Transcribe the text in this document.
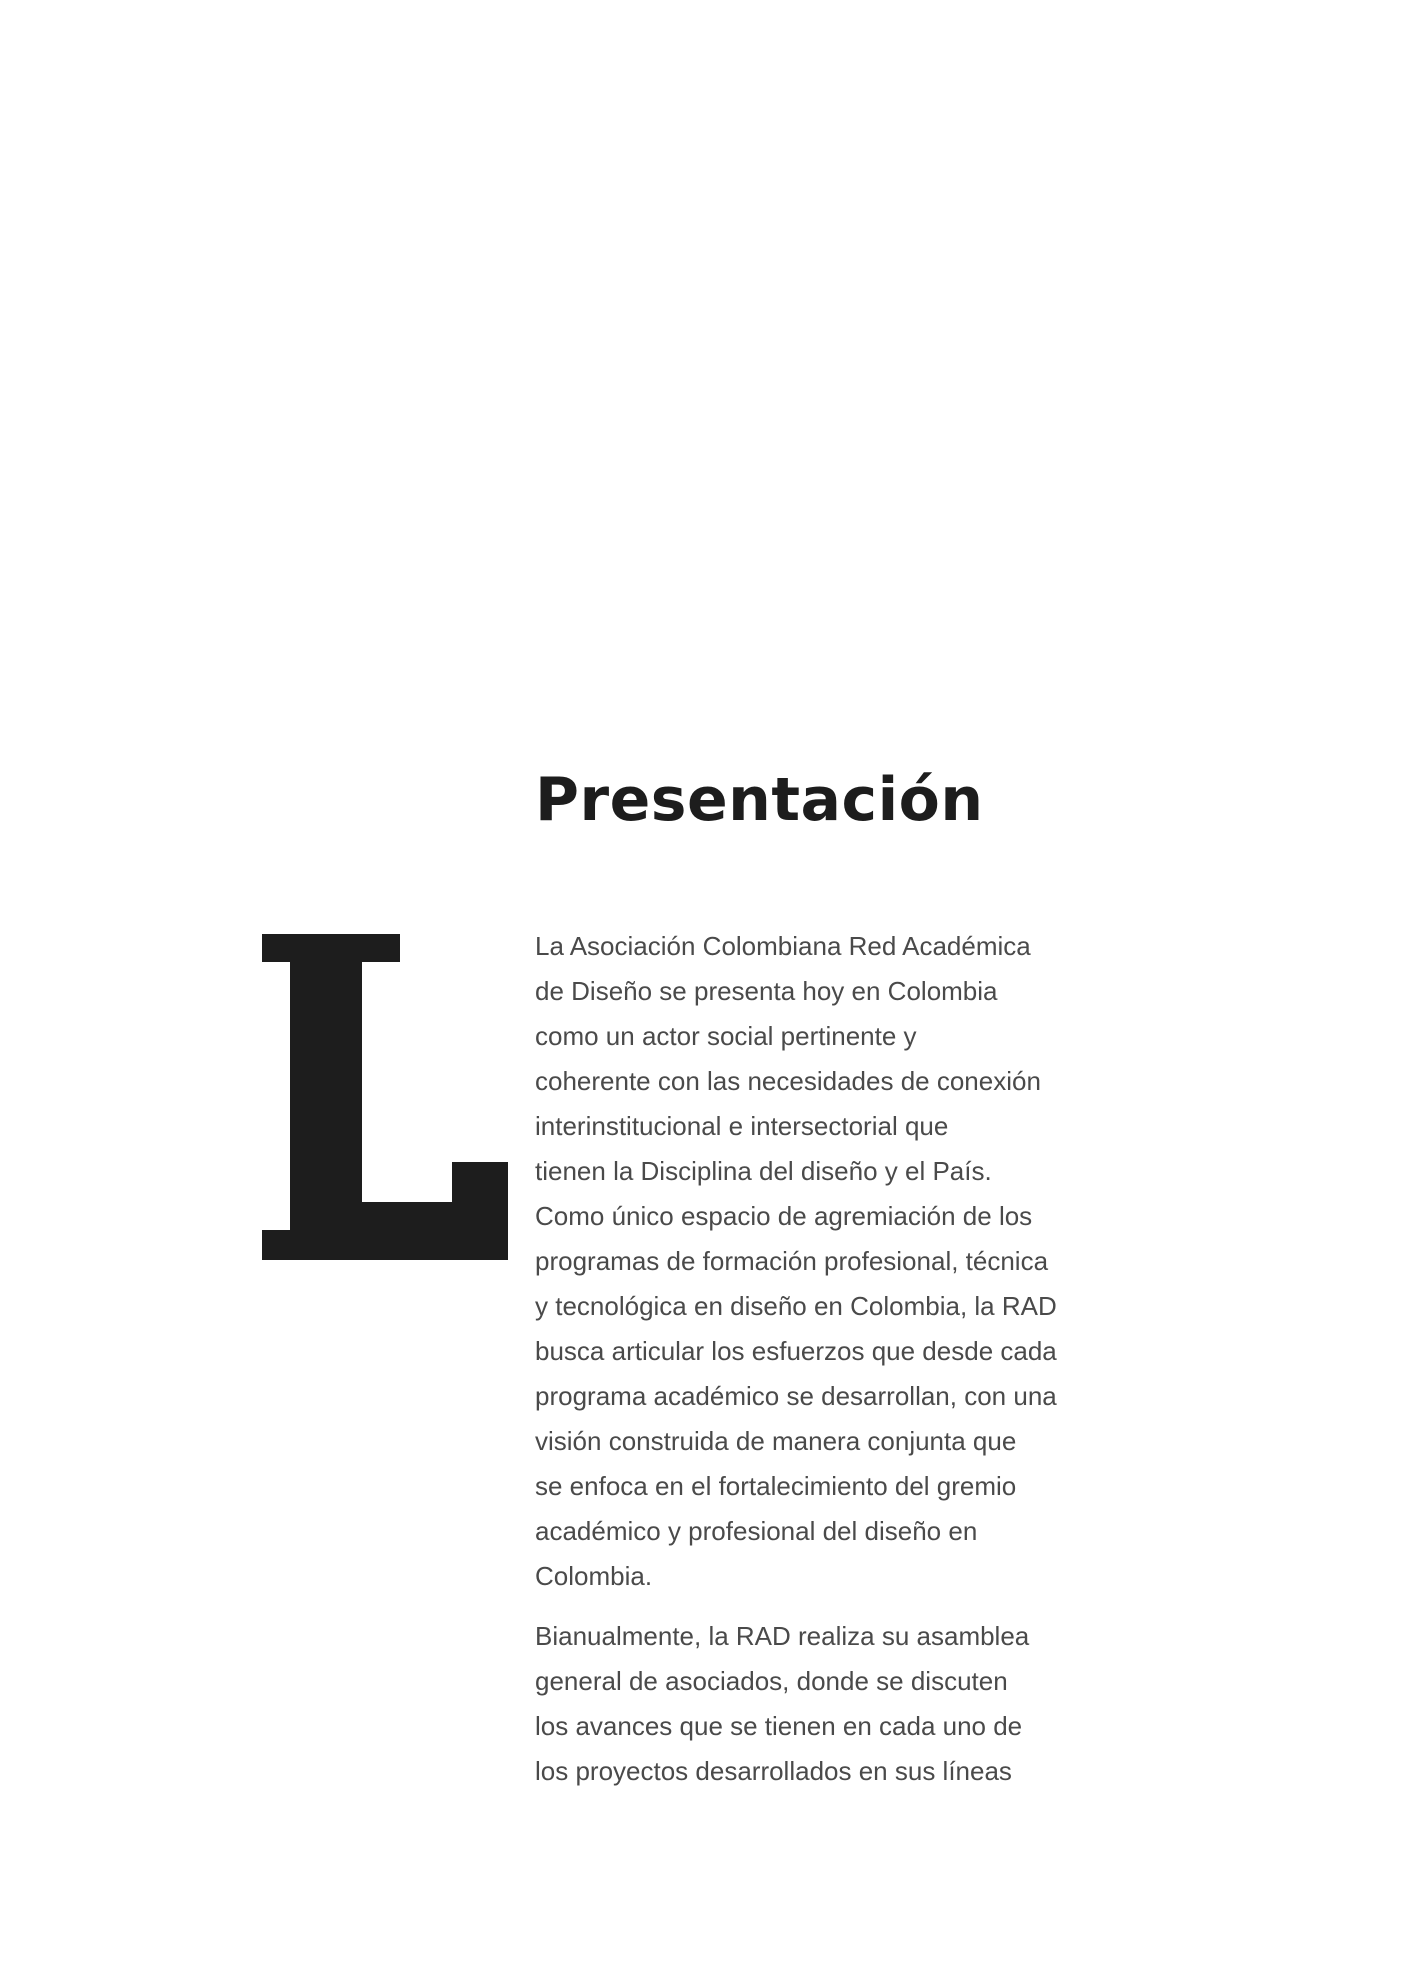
Presentación
La Asociación Colombiana Red Académica
de Diseño se presenta hoy en Colombia
como un actor social pertinente y
coherente con las necesidades de conexión
interinstitucional e intersectorial que
tienen la Disciplina del diseño y el País.
Como único espacio de agremiación de los
programas de formación profesional, técnica
y tecnológica en diseño en Colombia, la RAD
busca articular los esfuerzos que desde cada
programa académico se desarrollan, con una
visión construida de manera conjunta que
se enfoca en el fortalecimiento del gremio
académico y profesional del diseño en
Colombia.
Bianualmente, la RAD realiza su asamblea
general de asociados, donde se discuten
los avances que se tienen en cada uno de
los proyectos desarrollados en sus líneas
